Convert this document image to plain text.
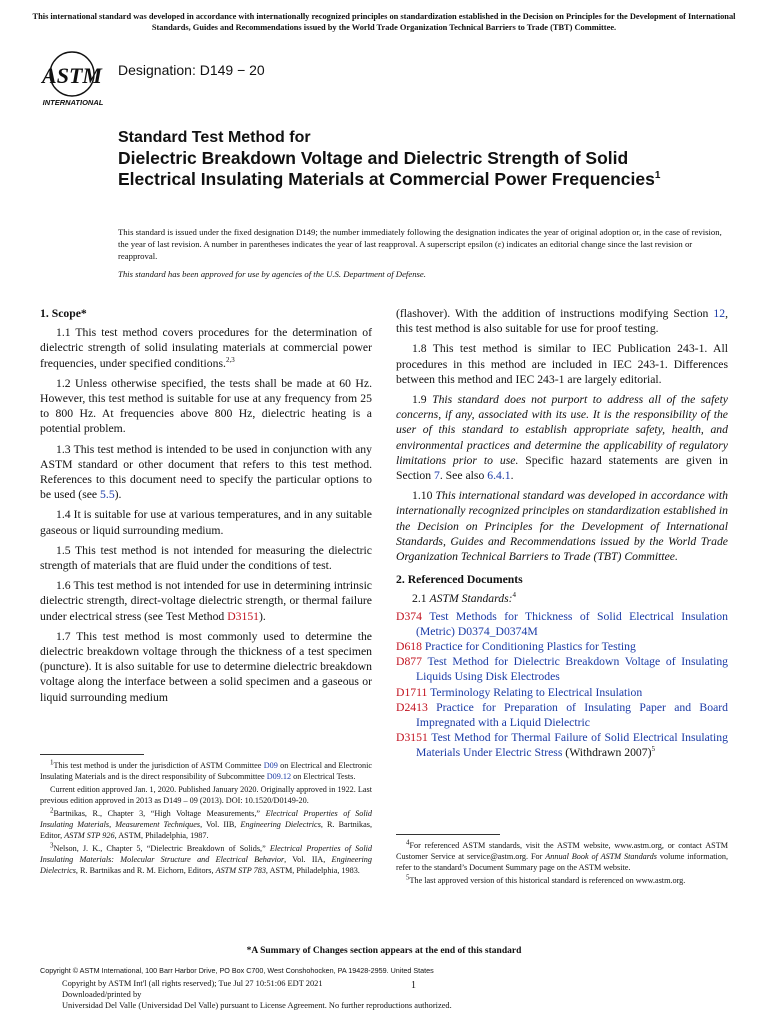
This international standard was developed in accordance with internationally recognized principles on standardization established in the Decision on Principles for the Development of International Standards, Guides and Recommendations issued by the World Trade Organization Technical Barriers to Trade (TBT) Committee.
ASTM
INTERNATIONAL
Designation: D149 − 20
Standard Test Method for
Dielectric Breakdown Voltage and Dielectric Strength of Solid Electrical Insulating Materials at Commercial Power Frequencies$^1$

This standard is issued under the fixed designation D149; the number immediately following the designation indicates the year of original adoption or, in the case of revision, the year of last revision. A number in parentheses indicates the year of last reapproval. A superscript epsilon (ε) indicates an editorial change since the last revision or reapproval.

This standard has been approved for use by agencies of the U.S. Department of Defense.

1. Scope*

1.1 This test method covers procedures for the determination of dielectric strength of solid insulating materials at commercial power frequencies, under specified conditions.$^{2,3}$

1.2 Unless otherwise specified, the tests shall be made at 60 Hz. However, this test method is suitable for use at any frequency from 25 to 800 Hz. At frequencies above 800 Hz, dielectric heating is a potential problem.

1.3 This test method is intended to be used in conjunction with any ASTM standard or other document that refers to this test method. References to this document need to specify the particular options to be used (see 5.5).

1.4 It is suitable for use at various temperatures, and in any suitable gaseous or liquid surrounding medium.

1.5 This test method is not intended for measuring the dielectric strength of materials that are fluid under the conditions of test.

1.6 This test method is not intended for use in determining intrinsic dielectric strength, direct-voltage dielectric strength, or thermal failure under electrical stress (see Test Method D3151).

1.7 This test method is most commonly used to determine the dielectric breakdown voltage through the thickness of a test specimen (puncture). It is also suitable for use to determine dielectric breakdown voltage along the interface between a solid specimen and a gaseous or liquid surrounding medium

$^1$This test method is under the jurisdiction of ASTM Committee D09 on Electrical and Electronic Insulating Materials and is the direct responsibility of Subcommittee D09.12 on Electrical Tests.

Current edition approved Jan. 1, 2020. Published January 2020. Originally approved in 1922. Last previous edition approved in 2013 as D149 – 09 (2013). DOI: 10.1520/D0149-20.

$^2$Bartnikas, R., Chapter 3, “High Voltage Measurements,” Electrical Properties of Solid Insulating Materials, Measurement Techniques, Vol. IIB, Engineering Dielectrics, R. Bartnikas, Editor, ASTM STP 926, ASTM, Philadelphia, 1987.

$^3$Nelson, J. K., Chapter 5, “Dielectric Breakdown of Solids,” Electrical Properties of Solid Insulating Materials: Molecular Structure and Electrical Behavior, Vol. IIA, Engineering Dielectrics, R. Bartnikas and R. M. Eichorn, Editors, ASTM STP 783, ASTM, Philadelphia, 1983.

(flashover). With the addition of instructions modifying Section 12, this test method is also suitable for use for proof testing.

1.8 This test method is similar to IEC Publication 243-1. All procedures in this method are included in IEC 243-1. Differences between this method and IEC 243-1 are largely editorial.

1.9 This standard does not purport to address all of the safety concerns, if any, associated with its use. It is the responsibility of the user of this standard to establish appropriate safety, health, and environmental practices and determine the applicability of regulatory limitations prior to use. Specific hazard statements are given in Section 7. See also 6.4.1.

1.10 This international standard was developed in accordance with internationally recognized principles on standardization established in the Decision on Principles for the Development of International Standards, Guides and Recommendations issued by the World Trade Organization Technical Barriers to Trade (TBT) Committee.

2. Referenced Documents

2.1 ASTM Standards:$^4$

D374 Test Methods for Thickness of Solid Electrical Insulation (Metric) D0374_D0374M

D618 Practice for Conditioning Plastics for Testing

D877 Test Method for Dielectric Breakdown Voltage of Insulating Liquids Using Disk Electrodes

D1711 Terminology Relating to Electrical Insulation

D2413 Practice for Preparation of Insulating Paper and Board Impregnated with a Liquid Dielectric

D3151 Test Method for Thermal Failure of Solid Electrical Insulating Materials Under Electric Stress (Withdrawn 2007)$^5$

$^4$For referenced ASTM standards, visit the ASTM website, www.astm.org, or contact ASTM Customer Service at service@astm.org. For Annual Book of ASTM Standards volume information, refer to the standard’s Document Summary page on the ASTM website.

$^5$The last approved version of this historical standard is referenced on www.astm.org.

*A Summary of Changes section appears at the end of this standard
Copyright © ASTM International, 100 Barr Harbor Drive, PO Box C700, West Conshohocken, PA 19428-2959. United States
Copyright by ASTM Int'l (all rights reserved); Tue Jul 27 10:51:06 EDT 2021
Downloaded/printed by
Universidad Del Valle (Universidad Del Valle) pursuant to License Agreement. No further reproductions authorized.
1
